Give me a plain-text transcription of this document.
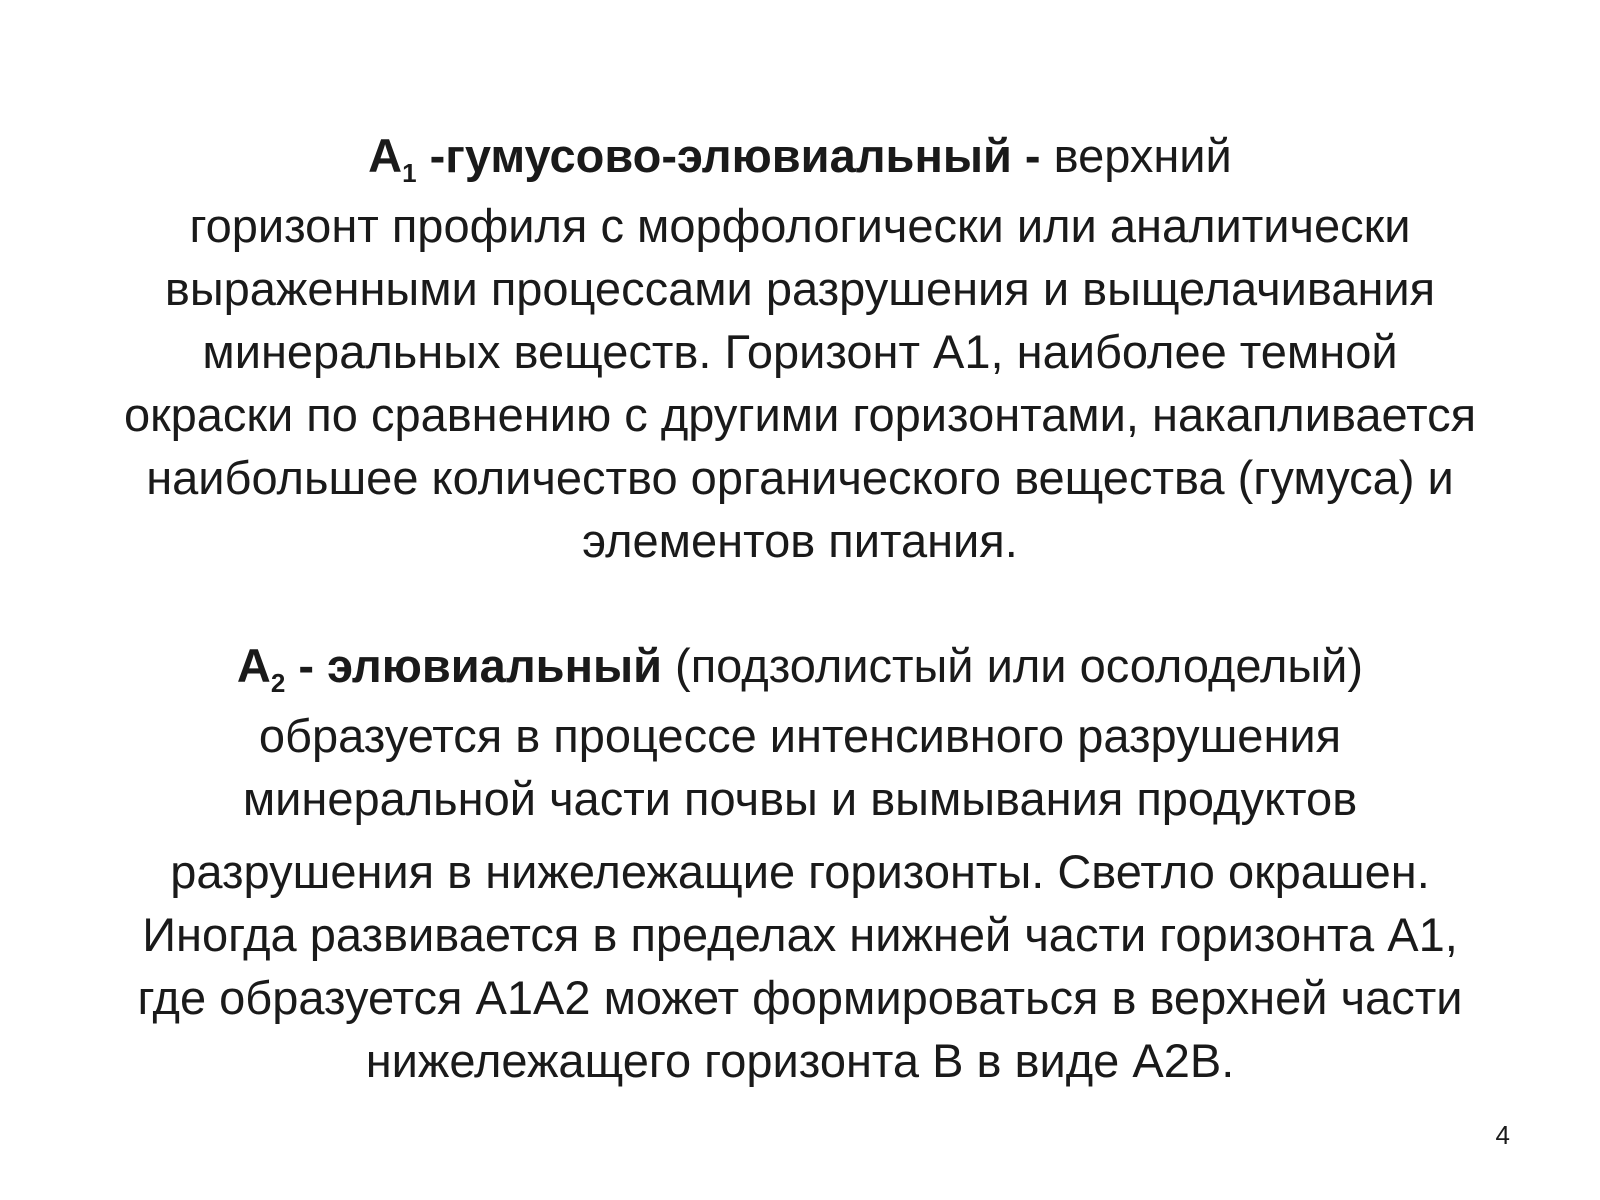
$A_1$ -гумусово-элювиальный - верхний
горизонт профиля с морфологически или аналитически
выраженными процессами разрушения и выщелачивания
минеральных веществ. Горизонт А1, наиболее темной
окраски по сравнению с другими горизонтами, накапливается
наибольшее количество органического вещества (гумуса) и
элементов питания.
$A_2$ - элювиальный (подзолистый или осолоделый)
образуется в процессе интенсивного разрушения
минеральной части почвы и вымывания продуктов
разрушения в нижележащие горизонты. Светло окрашен.
Иногда развивается в пределах нижней части горизонта А1,
где образуется А1А2 может формироваться в верхней части
нижележащего горизонта В в виде А2В.
4
